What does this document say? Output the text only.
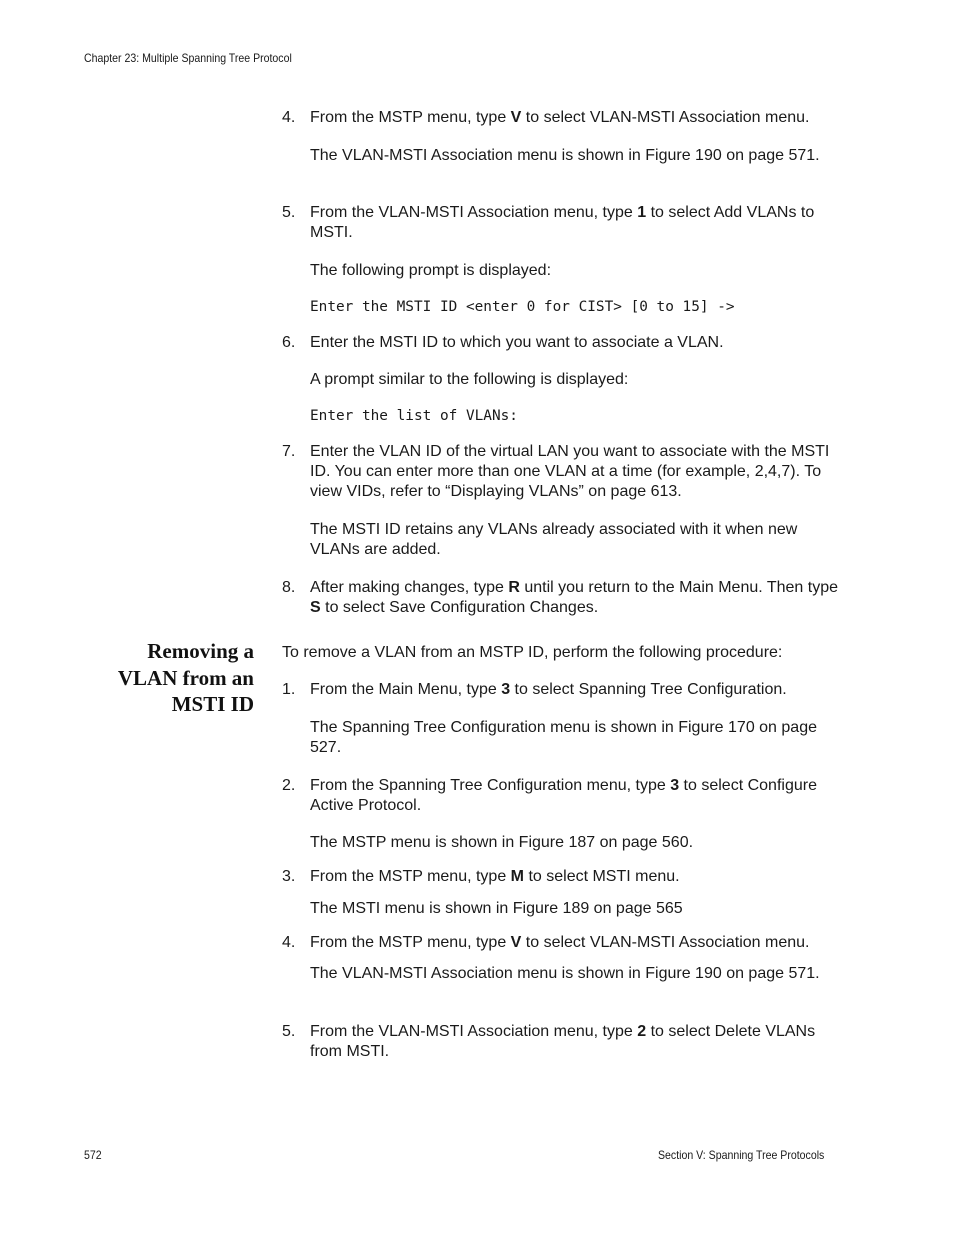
Chapter 23: Multiple Spanning Tree Protocol
4. From the MSTP menu, type V to select VLAN-MSTI Association menu.
The VLAN-MSTI Association menu is shown in Figure 190 on page 571.
5. From the VLAN-MSTI Association menu, type 1 to select Add VLANs to MSTI.
The following prompt is displayed:
Enter the MSTI ID <enter 0 for CIST> [0 to 15] ->
6. Enter the MSTI ID to which you want to associate a VLAN.
A prompt similar to the following is displayed:
Enter the list of VLANs:
7. Enter the VLAN ID of the virtual LAN you want to associate with the MSTI ID. You can enter more than one VLAN at a time (for example, 2,4,7). To view VIDs, refer to “Displaying VLANs” on page 613.
The MSTI ID retains any VLANs already associated with it when new VLANs are added.
8. After making changes, type R until you return to the Main Menu. Then type S to select Save Configuration Changes.
Removing a
VLAN from an
MSTI ID
To remove a VLAN from an MSTP ID, perform the following procedure:
1. From the Main Menu, type 3 to select Spanning Tree Configuration.
The Spanning Tree Configuration menu is shown in Figure 170 on page 527.
2. From the Spanning Tree Configuration menu, type 3 to select Configure Active Protocol.
The MSTP menu is shown in Figure 187 on page 560.
3. From the MSTP menu, type M to select MSTI menu.
The MSTI menu is shown in Figure 189 on page 565
4. From the MSTP menu, type V to select VLAN-MSTI Association menu.
The VLAN-MSTI Association menu is shown in Figure 190 on page 571.
5. From the VLAN-MSTI Association menu, type 2 to select Delete VLANs from MSTI.
572	Section V: Spanning Tree Protocols
